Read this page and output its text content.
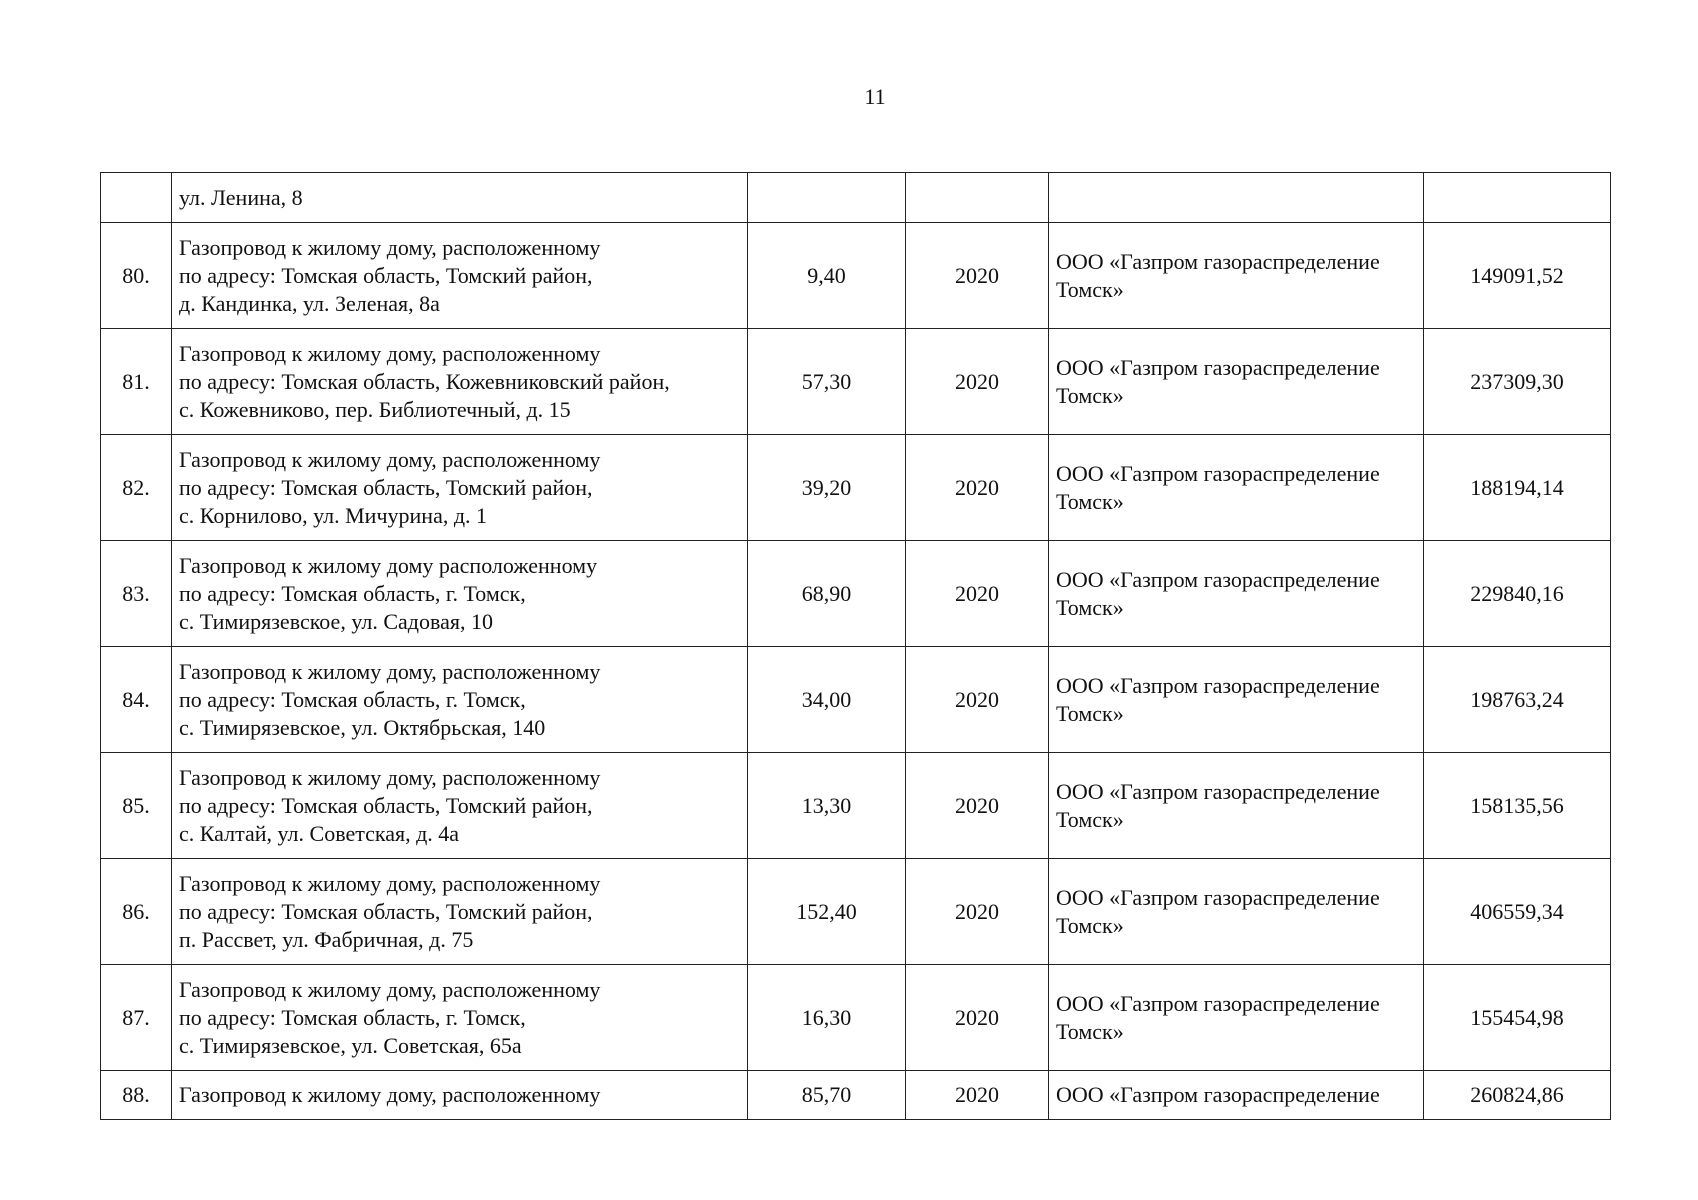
11

	ул. Ленина, 8				

80.	Газопровод к жилому дому, расположенному
по адресу: Томская область, Томский район,
д. Кандинка, ул. Зеленая, 8а	9,40	2020	ООО «Газпром газораспределение
Томск»	149091,52
81.	Газопровод к жилому дому, расположенному
по адресу: Томская область, Кожевниковский район,
с. Кожевниково, пер. Библиотечный, д. 15	57,30	2020	ООО «Газпром газораспределение
Томск»	237309,30
82.	Газопровод к жилому дому, расположенному
по адресу: Томская область, Томский район,
с. Корнилово, ул. Мичурина, д. 1	39,20	2020	ООО «Газпром газораспределение
Томск»	188194,14
83.	Газопровод к жилому дому расположенному
по адресу: Томская область, г. Томск,
с. Тимирязевское, ул. Садовая, 10	68,90	2020	ООО «Газпром газораспределение
Томск»	229840,16
84.	Газопровод к жилому дому, расположенному
по адресу: Томская область, г. Томск,
с. Тимирязевское, ул. Октябрьская, 140	34,00	2020	ООО «Газпром газораспределение
Томск»	198763,24
85.	Газопровод к жилому дому, расположенному
по адресу: Томская область, Томский район,
с. Калтай, ул. Советская, д. 4а	13,30	2020	ООО «Газпром газораспределение
Томск»	158135,56
86.	Газопровод к жилому дому, расположенному
по адресу: Томская область, Томский район,
п. Рассвет, ул. Фабричная, д. 75	152,40	2020	ООО «Газпром газораспределение
Томск»	406559,34
87.	Газопровод к жилому дому, расположенному
по адресу: Томская область, г. Томск,
с. Тимирязевское, ул. Советская, 65а	16,30	2020	ООО «Газпром газораспределение
Томск»	155454,98
88.	Газопровод к жилому дому, расположенному	85,70	2020	ООО «Газпром газораспределение	260824,86
